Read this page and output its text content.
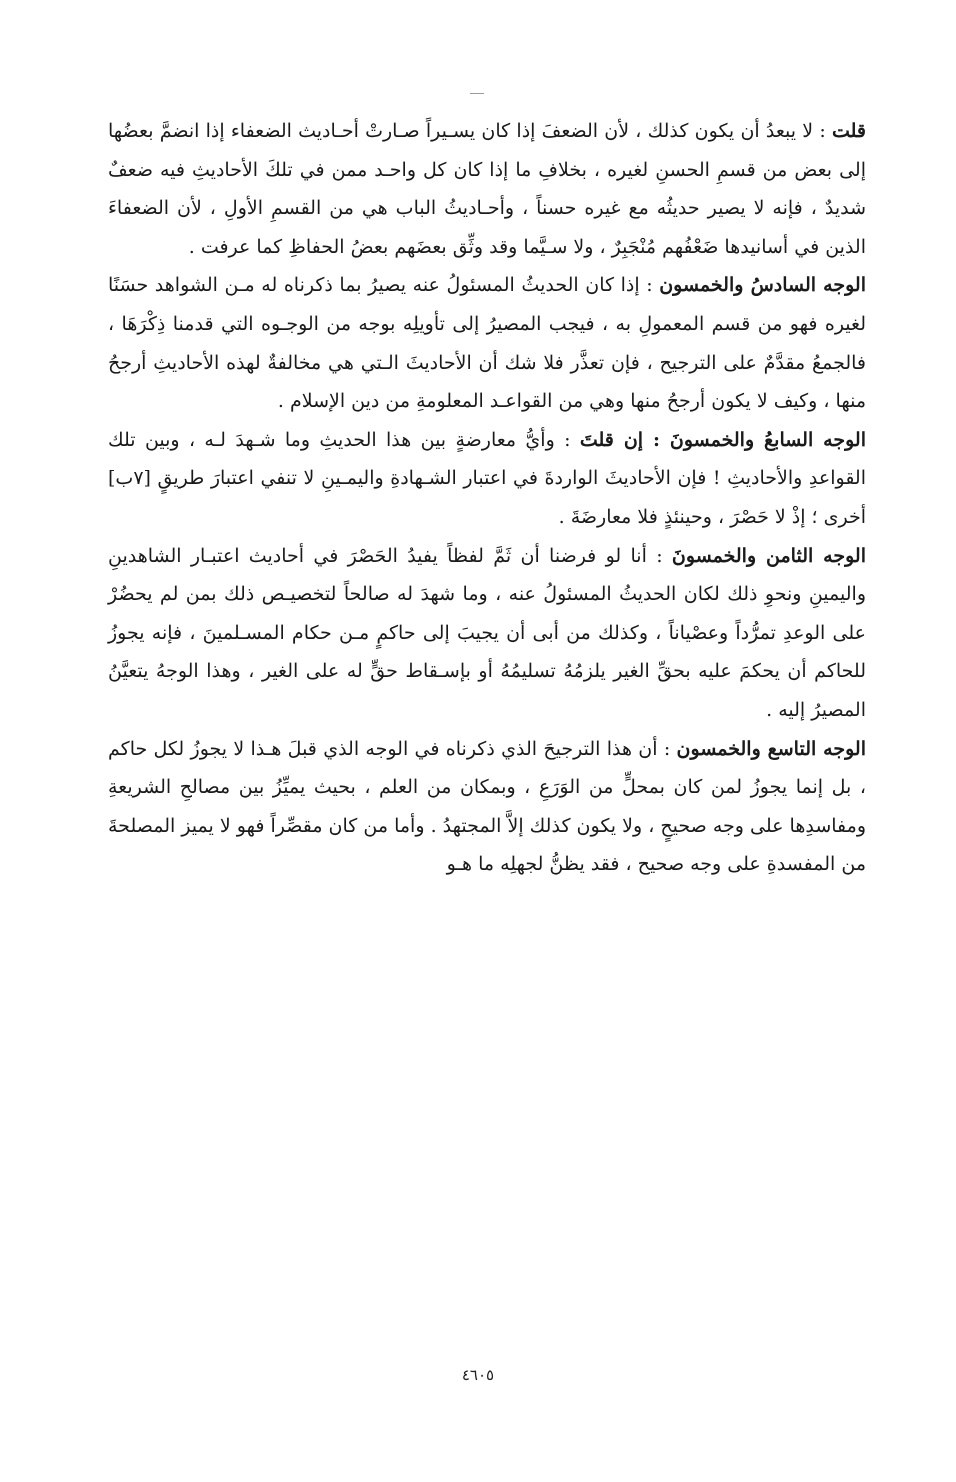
قلت : لا يبعدُ أن يكون كذلك ، لأن الضعفَ إذا كان يسـيراً صـارتْ أحـاديث الضعفاء إذا انضمَّ بعضُها إلى بعض من قسمِ الحسنِ لغيره ، بخلافِ ما إذا كان كل واحـد ممن في تلكَ الأحاديثِ فيه ضعفٌ شديدٌ ، فإنه لا يصير حديثُه مع غيره حسناً ، وأحـاديثُ الباب هي من القسمِ الأولِ ، لأن الضعفاءَ الذين في أسانيدها ضَعْفُهم مُنْجَبِرٌ ، ولا سـيَّما وقد وثِّق بعضَهم بعضُ الحفاظِ كما عرفت .

الوجه السادسُ والخمسون : إذا كان الحديثُ المسئولُ عنه يصيرُ بما ذكرناه له مـن الشواهد حسَنًا لغيره فهو من قسم المعمولِ به ، فيجب المصيرُ إلى تأويلِه بوجه من الوجـوه التي قدمنا ذِكْرَهَا ، فالجمعُ مقدَّمٌ على الترجيح ، فإن تعذَّر فلا شك أن الأحاديثَ الـتي هي مخالفةٌ لهذه الأحاديثِ أرجحُ منها ، وكيف لا يكون أرجحُ منها وهي من القواعـد المعلومةِ من دين الإسلام .

الوجه السابعُ والخمسونَ : إن قلتَ : وأيُّ معارضةٍ بين هذا الحديثِ وما شـهدَ لـه ، وبين تلك القواعدِ والأحاديثِ ! فإن الأحاديثَ الواردةَ في اعتبار الشـهادةِ واليمـينِ لا تنفي اعتبارَ طريقٍ [٧ب] أخرى ؛ إذْ لا حَصْرَ ، وحينئذٍ فلا معارضَةَ .

الوجه الثامن والخمسونَ : أنا لو فرضنا أن ثَمَّ لفظاً يفيدُ الحَصْرَ في أحاديث اعتبـار الشاهدينِ واليمينِ ونحوِ ذلك لكان الحديثُ المسئولُ عنه ، وما شهدَ له صالحاً لتخصيـص ذلك بمن لم يحضُرْ على الوعدِ تمرُّداً وعصْياناً ، وكذلك من أبى أن يجيبَ إلى حاكمٍ مـن حكام المسـلمينَ ، فإنه يجوزُ للحاكم أن يحكمَ عليه بحقِّ الغير يلزمُهُ تسليمُهُ أو بإسـقاط حقٍّ له على الغير ، وهذا الوجهُ يتعيَّنُ المصيرُ إليه .

الوجه التاسع والخمسون : أن هذا الترجيحَ الذي ذكرناه في الوجه الذي قبلَ هـذا لا يجوزُ لكل حاكم ، بل إنما يجوزُ لمن كان بمحلٍّ من الوَرَعِ ، وبمكان من العلم ، بحيث يميِّزُ بين مصالحِ الشريعةِ ومفاسدِها على وجه صحيحٍ ، ولا يكون كذلك إلاَّ المجتهدُ . وأما من كان مقصِّراً فهو لا يميز المصلحةَ من المفسدةِ على وجه صحيح ، فقد يظنُّ لجهلِه ما هـو

٤٦٠٥
